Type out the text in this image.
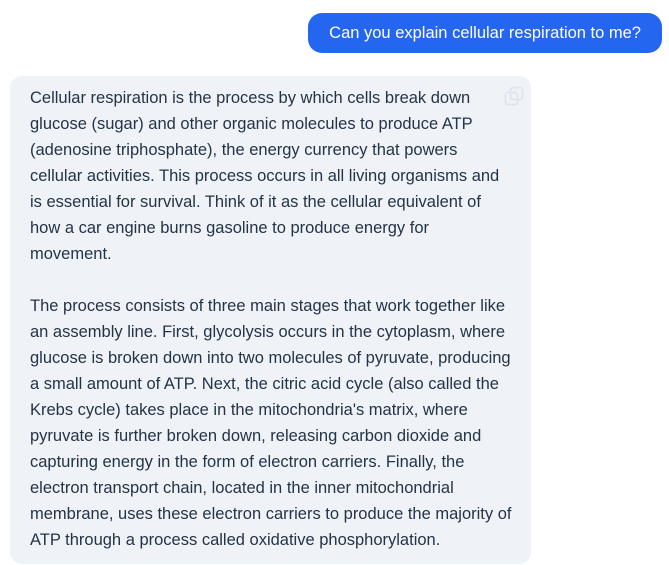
Can you explain cellular respiration to me?

Cellular respiration is the process by which cells break down glucose (sugar) and other organic molecules to produce ATP (adenosine triphosphate), the energy currency that powers cellular activities. This process occurs in all living organisms and is essential for survival. Think of it as the cellular equivalent of how a car engine burns gasoline to produce energy for movement.

The process consists of three main stages that work together like an assembly line. First, glycolysis occurs in the cytoplasm, where glucose is broken down into two molecules of pyruvate, producing a small amount of ATP. Next, the citric acid cycle (also called the Krebs cycle) takes place in the mitochondria's matrix, where pyruvate is further broken down, releasing carbon dioxide and capturing energy in the form of electron carriers. Finally, the electron transport chain, located in the inner mitochondrial membrane, uses these electron carriers to produce the majority of ATP through a process called oxidative phosphorylation.
